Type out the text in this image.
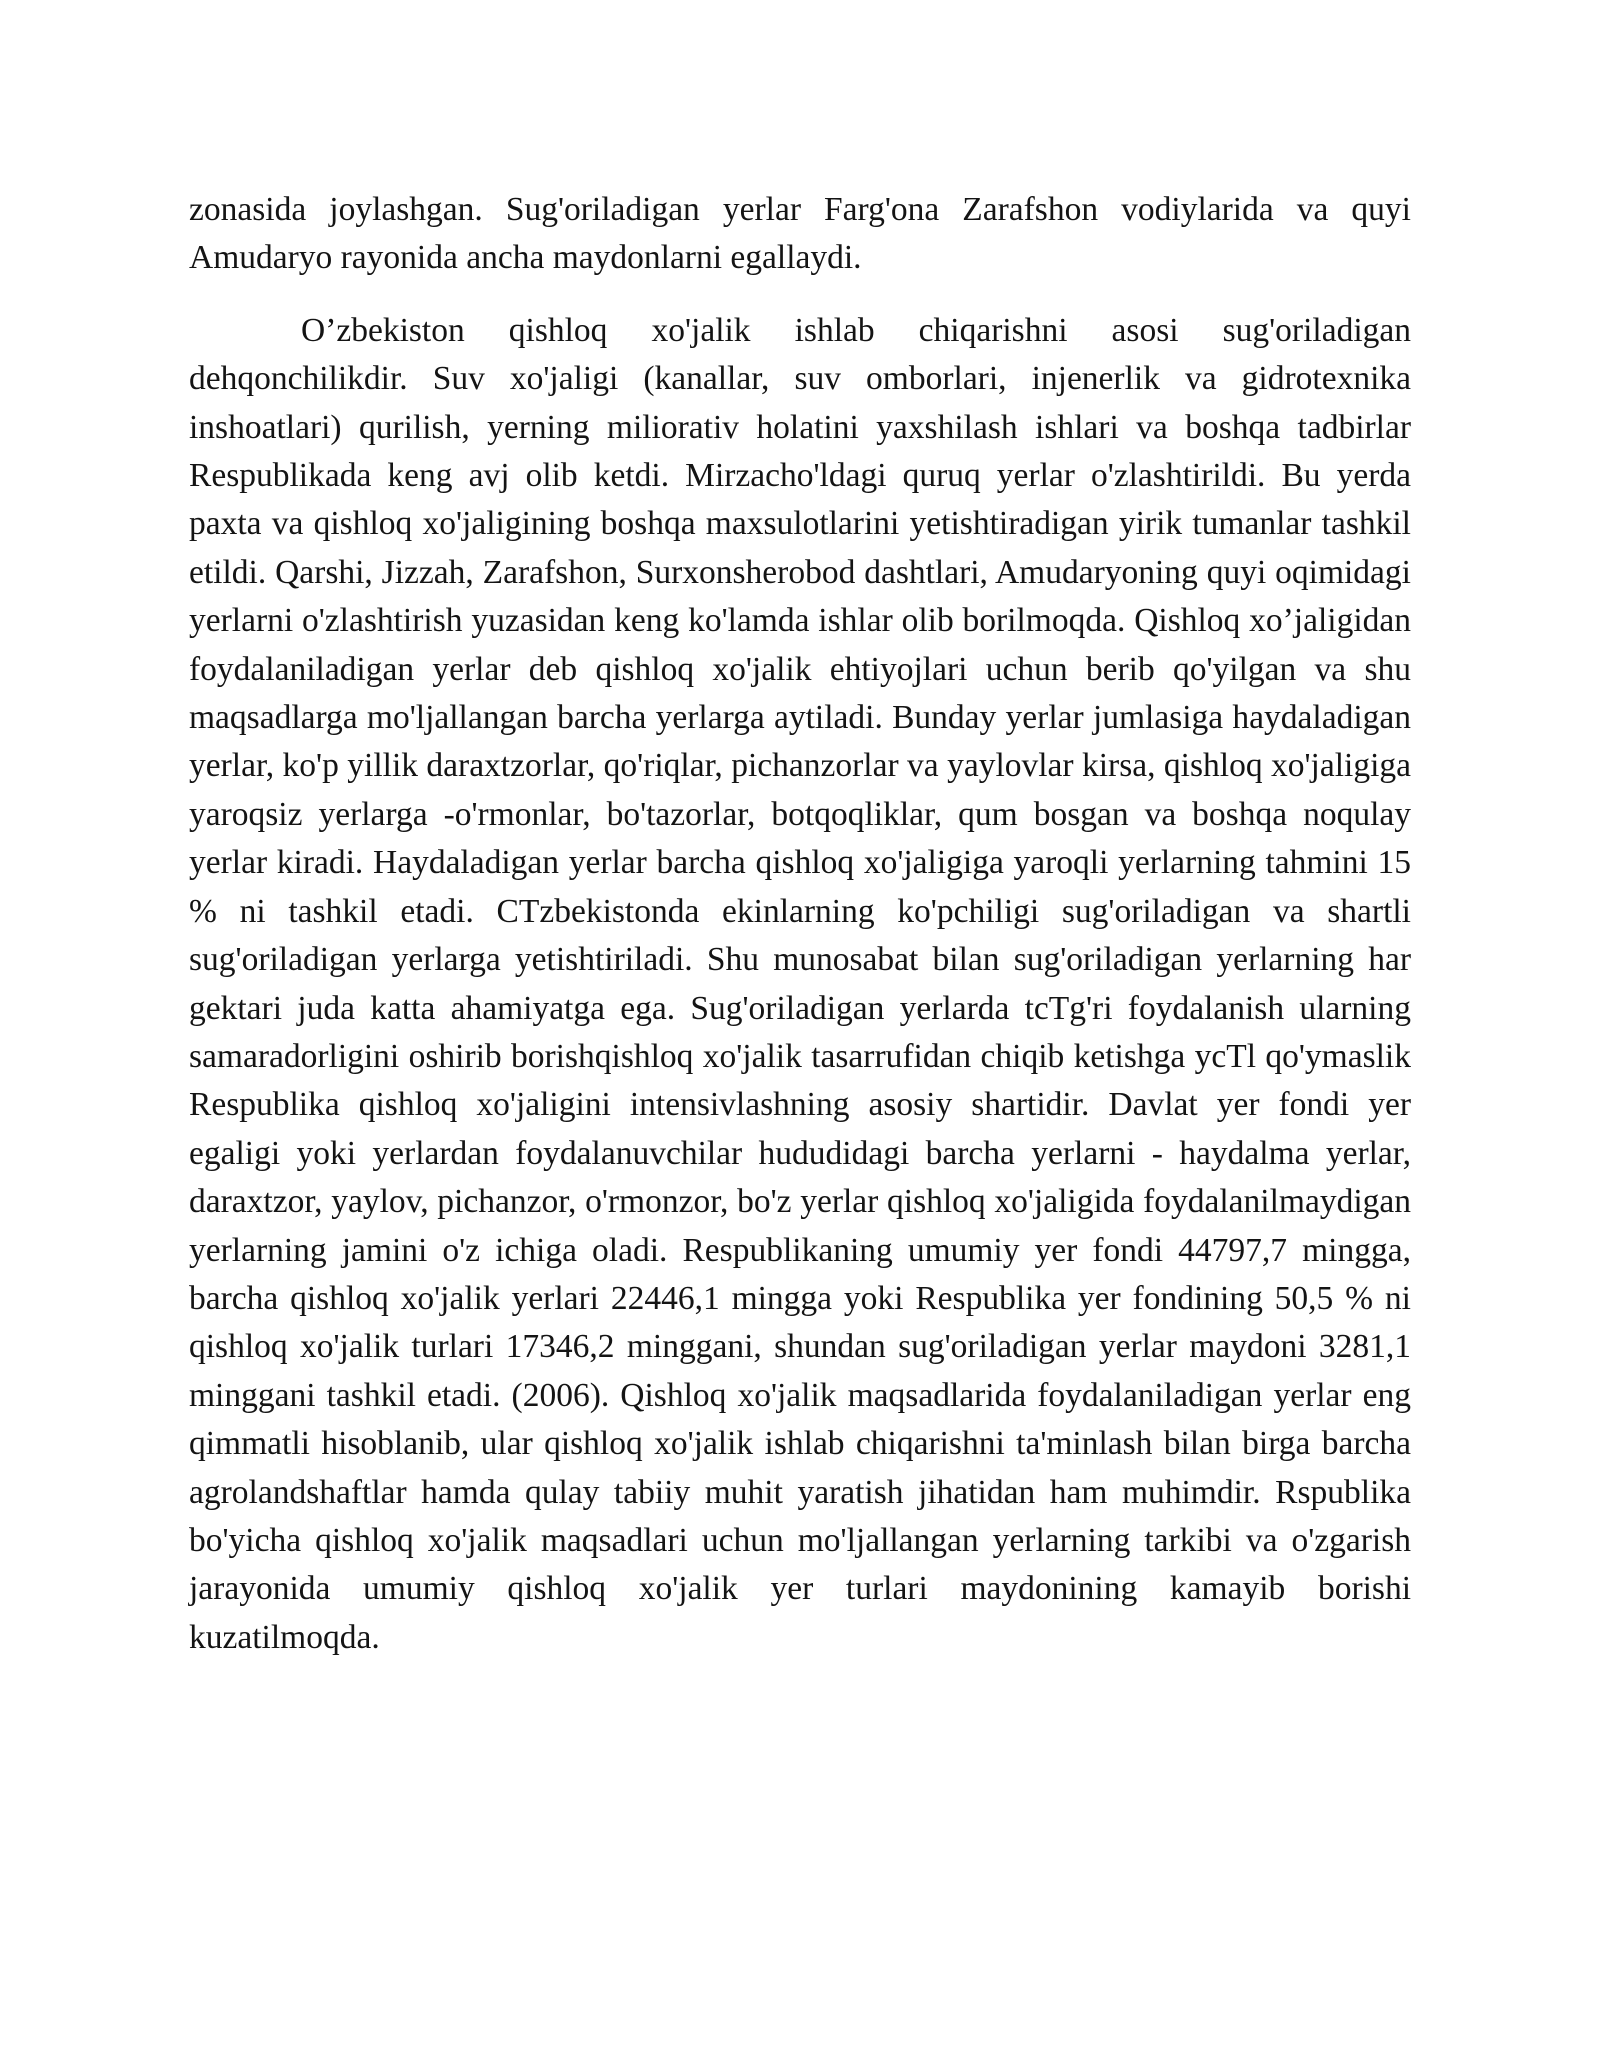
zonasida joylashgan. Sug'oriladigan yerlar Farg'ona Zarafshon vodiylarida va quyi Amudaryo rayonida ancha maydonlarni egallaydi.

O’zbekiston qishloq xo'jalik ishlab chiqarishni asosi sug'oriladigan dehqonchilikdir. Suv xo'jaligi (kanallar, suv omborlari, injenerlik va gidrotexnika inshoatlari) qurilish, yerning miliorativ holatini yaxshilash ishlari va boshqa tadbirlar Respublikada keng avj olib ketdi. Mirzacho'ldagi quruq yerlar o'zlashtirildi. Bu yerda paxta va qishloq xo'jaligining boshqa maxsulotlarini yetishtiradigan yirik tumanlar tashkil etildi. Qarshi, Jizzah, Zarafshon, Surxonsherobod dashtlari, Amudaryoning quyi oqimidagi yerlarni o'zlashtirish yuzasidan keng ko'lamda ishlar olib borilmoqda. Qishloq xo’jaligidan foydalaniladigan yerlar deb qishloq xo'jalik ehtiyojlari uchun berib qo'yilgan va shu maqsadlarga mo'ljallangan barcha yerlarga aytiladi. Bunday yerlar jumlasiga haydaladigan yerlar, ko'p yillik daraxtzorlar, qo'riqlar, pichanzorlar va yaylovlar kirsa, qishloq xo'jaligiga yaroqsiz yerlarga -o'rmonlar, bo'tazorlar, botqoqliklar, qum bosgan va boshqa noqulay yerlar kiradi. Haydaladigan yerlar barcha qishloq xo'jaligiga yaroqli yerlarning tahmini 15 % ni tashkil etadi. CTzbekistonda ekinlarning ko'pchiligi sug'oriladigan va shartli sug'oriladigan yerlarga yetishtiriladi. Shu munosabat bilan sug'oriladigan yerlarning har gektari juda katta ahamiyatga ega. Sug'oriladigan yerlarda tcTg'ri foydalanish ularning samaradorligini oshirib borishqishloq xo'jalik tasarrufidan chiqib ketishga ycTl qo'ymaslik Respublika qishloq xo'jaligini intensivlashning asosiy shartidir. Davlat yer fondi yer egaligi yoki yerlardan foydalanuvchilar hududidagi barcha yerlarni - haydalma yerlar, daraxtzor, yaylov, pichanzor, o'rmonzor, bo'z yerlar qishloq xo'jaligida foydalanilmaydigan yerlarning jamini o'z ichiga oladi. Respublikaning umumiy yer fondi 44797,7 mingga, barcha qishloq xo'jalik yerlari 22446,1 mingga yoki Respublika yer fondining 50,5 % ni qishloq xo'jalik turlari 17346,2 minggani, shundan sug'oriladigan yerlar maydoni 3281,1 minggani tashkil etadi. (2006). Qishloq xo'jalik maqsadlarida foydalaniladigan yerlar eng qimmatli hisoblanib, ular qishloq xo'jalik ishlab chiqarishni ta'minlash bilan birga barcha agrolandshaftlar hamda qulay tabiiy muhit yaratish jihatidan ham muhimdir. Rspublika bo'yicha qishloq xo'jalik maqsadlari uchun mo'ljallangan yerlarning tarkibi va o'zgarish jarayonida umumiy qishloq xo'jalik yer turlari maydonining kamayib borishi kuzatilmoqda.
